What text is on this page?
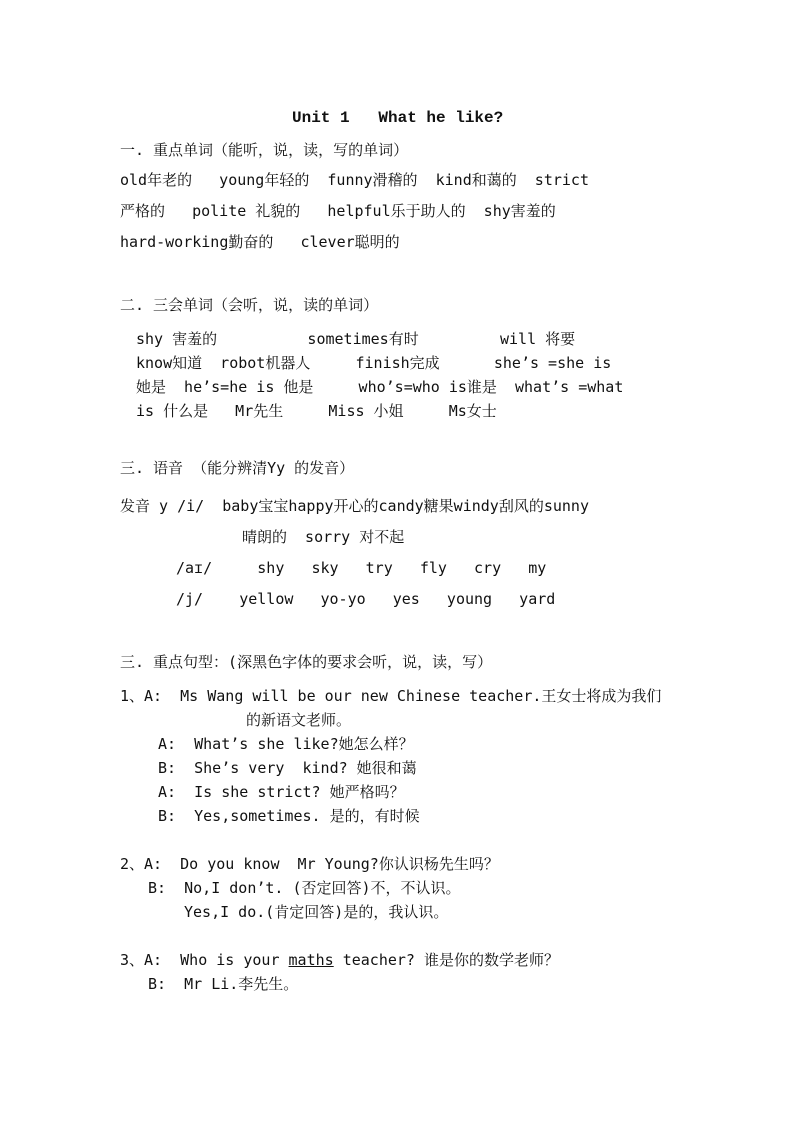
Unit 1   What he like?
一. 重点单词（能听，说，读，写的单词）
old年老的   young年轻的  funny滑稽的  kind和蔼的  strict
严格的   polite 礼貌的   helpful乐于助人的  shy害羞的
hard-working勤奋的   clever聪明的
二. 三会单词（会听，说，读的单词）
shy 害羞的          sometimes有时         will 将要
know知道  robot机器人     finish完成      she’s =she is
她是  he’s=he is 他是     who’s=who is谁是  what’s =what
is 什么是   Mr先生     Miss 小姐     Ms女士
三. 语音 （能分辨清Yy 的发音）
发音 y /i/  baby宝宝happy开心的candy糖果windy刮风的sunny
晴朗的  sorry 对不起
/aɪ/     shy   sky   try   fly   cry   my
/j/    yellow   yo-yo   yes   young   yard
三. 重点句型：(深黑色字体的要求会听，说，读，写）
1、A:  Ms Wang will be our new Chinese teacher.王女士将成为我们
的新语文老师。
A:  What’s she like?她怎么样？
B:  She’s very  kind? 她很和蔼
A:  Is she strict? 她严格吗？
B:  Yes,sometimes. 是的，有时候
2、A:  Do you know  Mr Young?你认识杨先生吗？
B:  No,I don’t. (否定回答)不，不认识。
Yes,I do.(肯定回答)是的，我认识。
3、A:  Who is your maths teacher? 谁是你的数学老师？
B:  Mr Li.李先生。
